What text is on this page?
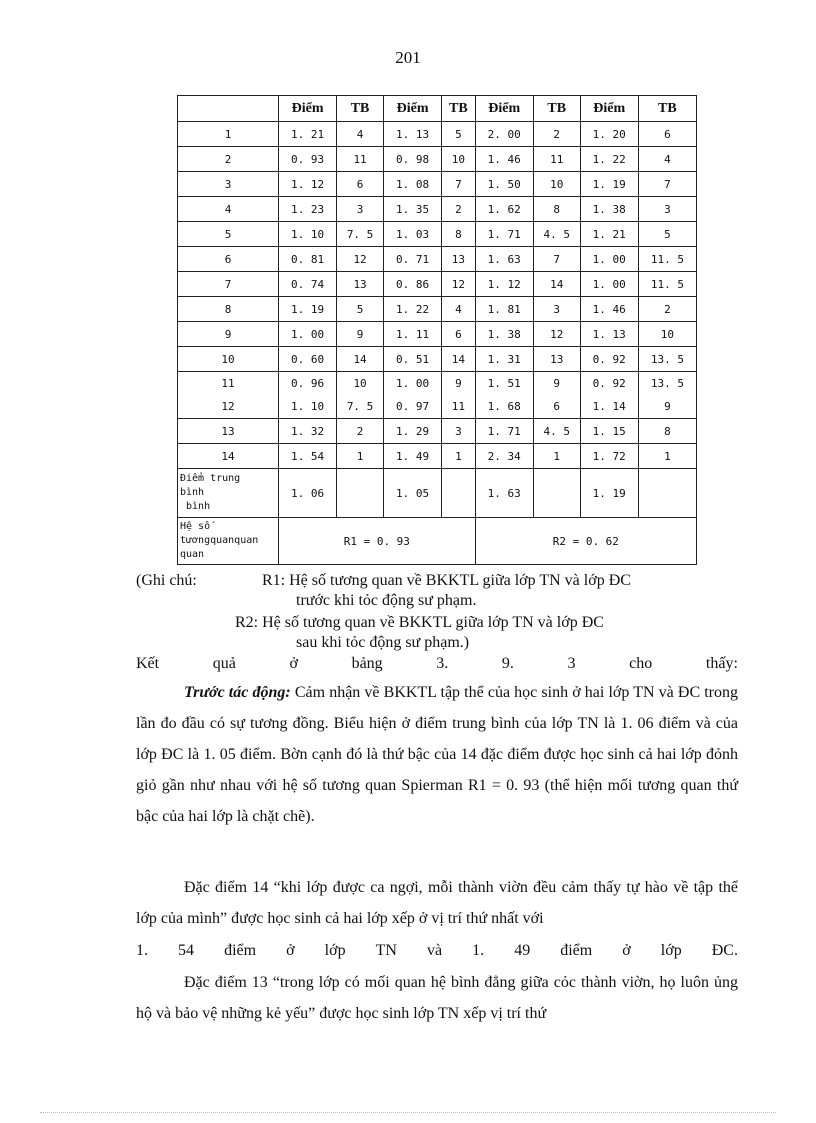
201
	Điểm	TB	Điểm	TB	Điểm	TB	Điểm	TB
1	1. 21	4	1. 13	5	2. 00	2	1. 20	6
2	0. 93	11	0. 98	10	1. 46	11	1. 22	4
3	1. 12	6	1. 08	7	1. 50	10	1. 19	7
4	1. 23	3	1. 35	2	1. 62	8	1. 38	3
5	1. 10	7. 5	1. 03	8	1. 71	4. 5	1. 21	5
6	0. 81	12	0. 71	13	1. 63	7	1. 00	11. 5
7	0. 74	13	0. 86	12	1. 12	14	1. 00	11. 5
8	1. 19	5	1. 22	4	1. 81	3	1. 46	2
9	1. 00	9	1. 11	6	1. 38	12	1. 13	10
10	0. 60	14	0. 51	14	1. 31	13	0. 92	13. 5
11	0. 96	10	1. 00	9	1. 51	9	0. 92	13. 5
12	1. 10	7. 5	0. 97	11	1. 68	6	1. 14	9
13	1. 32	2	1. 29	3	1. 71	4. 5	1. 15	8
14	1. 54	1	1. 49	1	2. 34	1	1. 72	1

Điểm trung
bình
bình	1. 06		1. 05		1. 63		1. 19	

Hệ số
tươngquanquan
quan	R1 = 0. 93				R2 = 0. 62			
(Ghi chú:	R1: Hệ số tương quan về BKKTL giữa lớp TN và lớp ĐC
trước khi tỏc động sư phạm.
R2: Hệ số tương quan về BKKTL giữa lớp TN và lớp ĐC
sau khi tỏc động sư phạm.)
Kết	quả	ở	bảng	3.	9.	3	cho	thấy:
Trước tác động: Cảm nhận về BKKTL tập thể của học sinh ở hai lớp TN và ĐC trong lần đo đầu có sự tương đồng. Biểu hiện ở điểm trung bình của lớp TN là 1. 06 điểm và của lớp ĐC là 1. 05 điểm. Bờn cạnh đó là thứ bậc của 14 đặc điểm được học sinh cả hai lớp đỏnh giỏ gần như nhau với hệ số tương quan Spierman R1 = 0. 93 (thể hiện mối tương quan thứ bậc của hai lớp là chặt chẽ).
Đặc điểm 14 “khi lớp được ca ngợi, mỗi thành viờn đều cảm thấy tự hào về tập thể lớp của mình” được học sinh cả hai lớp xếp ở vị trí thứ nhất với
1. 54 điểm ở lớp TN và 1. 49 điểm ở lớp ĐC.
Đặc điểm 13 “trong lớp có mối quan hệ bình đẳng giữa cỏc thành viờn, họ luôn ủng hộ và bảo vệ những kẻ yếu” được học sinh lớp TN xếp vị trí thứ
